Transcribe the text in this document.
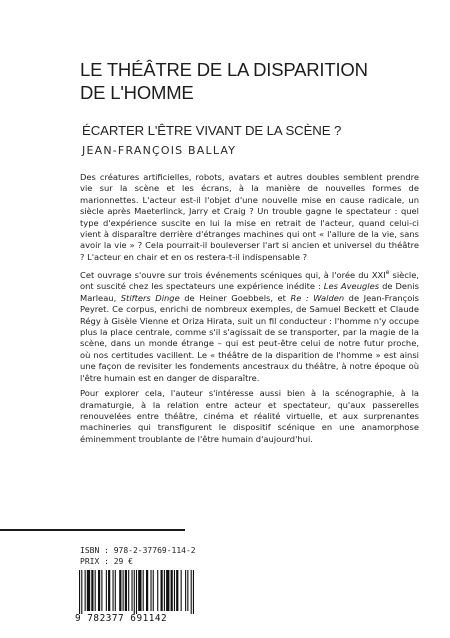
LE THÉÂTRE DE LA DISPARITION
DE L'HOMME
ÉCARTER L'ÊTRE VIVANT DE LA SCÈNE ?
JEAN-FRANÇOIS BALLAY

Des créatures artificielles, robots, avatars et autres doubles semblent prendre vie sur la scène et les écrans, à la manière de nouvelles formes de marionnettes. L'acteur est-il l'objet d'une nouvelle mise en cause radicale, un siècle après Maeterlinck, Jarry et Craig ? Un trouble gagne le spectateur : quel type d'expérience suscite en lui la mise en retrait de l'acteur, quand celui-ci vient à disparaître derrière d'étranges machines qui ont « l'allure de la vie, sans avoir la vie » ? Cela pourrait-il bouleverser l'art si ancien et universel du théâtre ? L'acteur en chair et en os restera-t-il indispensable ?

Cet ouvrage s'ouvre sur trois événements scéniques qui, à l'orée du XXIe siècle, ont suscité chez les spectateurs une expérience inédite : Les Aveugles de Denis Marleau, Stifters Dinge de Heiner Goebbels, et Re : Walden de Jean-François Peyret. Ce corpus, enrichi de nombreux exemples, de Samuel Beckett et Claude Régy à Gisèle Vienne et Oriza Hirata, suit un fil conducteur : l'homme n'y occupe plus la place centrale, comme s'il s'agissait de se transporter, par la magie de la scène, dans un monde étrange – qui est peut-être celui de notre futur proche, où nos certitudes vacillent. Le « théâtre de la disparition de l'homme » est ainsi une façon de revisiter les fondements ancestraux du théâtre, à notre époque où l'être humain est en danger de disparaître.

Pour explorer cela, l'auteur s'intéresse aussi bien à la scénographie, à la dramaturgie, à la relation entre acteur et spectateur, qu'aux passerelles renouvelées entre théâtre, cinéma et réalité virtuelle, et aux surprenantes machineries qui transfigurent le dispositif scénique en une anamorphose éminemment troublante de l'être humain d'aujourd'hui.

ISBN : 978-2-37769-114-2
PRIX : 29 €
9 782377 691142
